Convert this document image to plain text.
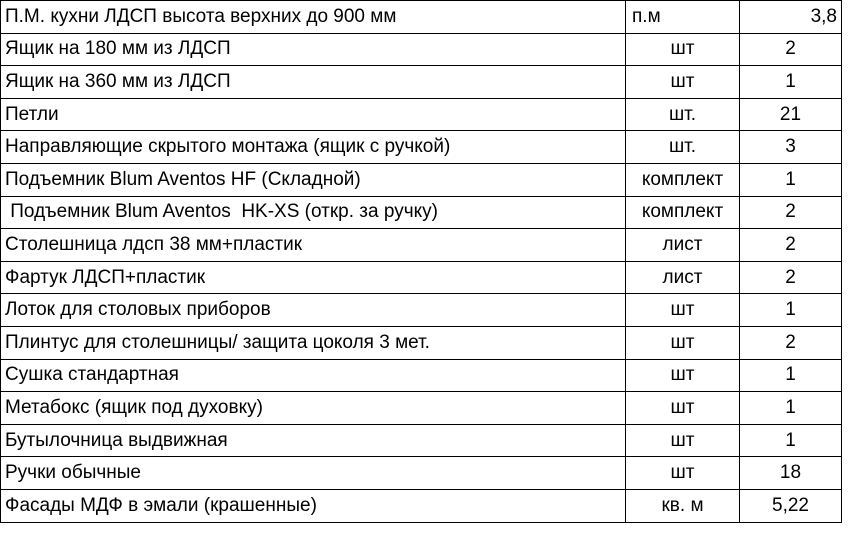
П.М. кухни ЛДСП высота верхних до 900 мм	п.м	3,8
Ящик на 180 мм из ЛДСП	шт	2
Ящик на 360 мм из ЛДСП	шт	1
Петли	шт.	21
Направляющие скрытого монтажа (ящик с ручкой)	шт.	3
Подъемник Blum Aventos HF (Складной)	комплект	1
Подъемник Blum Aventos  HK-XS (откр. за ручку)	комплект	2
Столешница лдсп 38 мм+пластик	лист	2
Фартук ЛДСП+пластик	лист	2
Лоток для столовых приборов	шт	1
Плинтус для столешницы/ защита цоколя 3 мет.	шт	2
Сушка стандартная	шт	1
Метабокс (ящик под духовку)	шт	1
Бутылочница выдвижная	шт	1
Ручки обычные	шт	18
Фасады МДФ в эмали (крашенные)	кв. м	5,22
